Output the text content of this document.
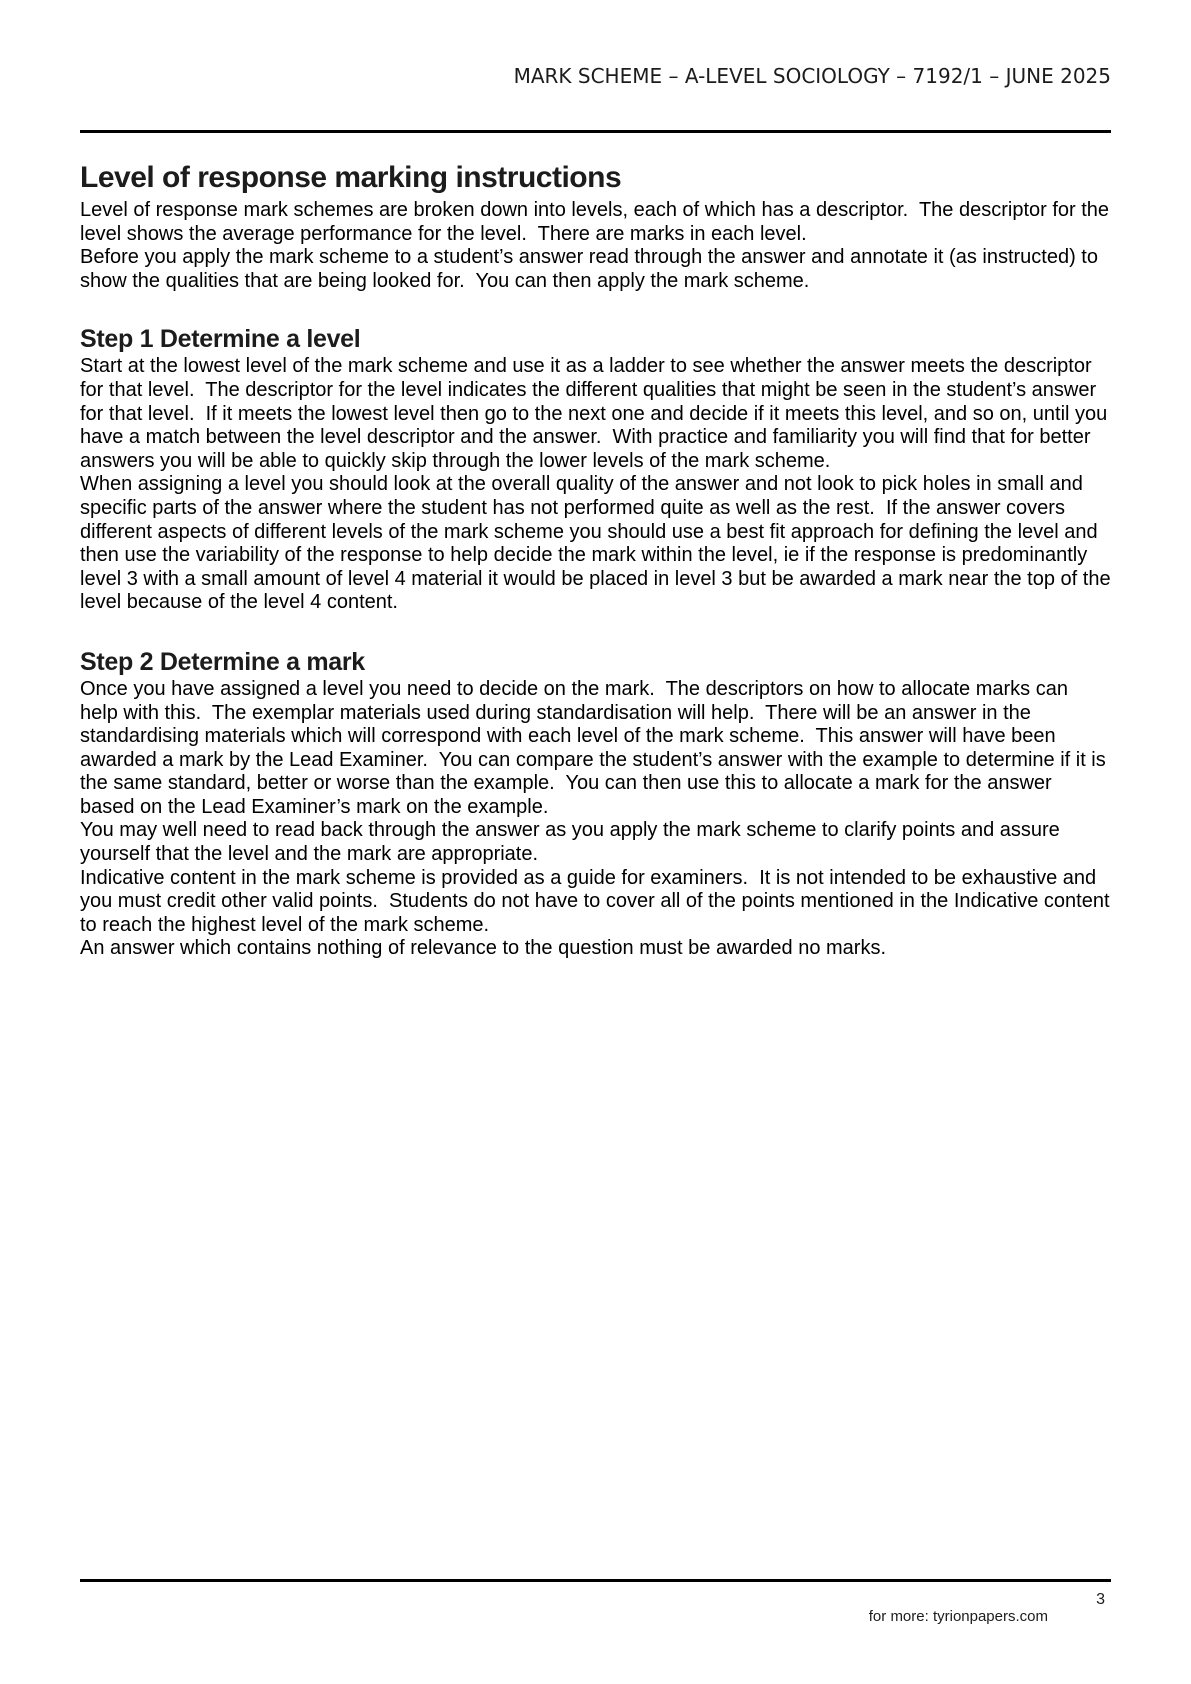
MARK SCHEME – A-LEVEL SOCIOLOGY – 7192/1 – JUNE 2025
Level of response marking instructions

Level of response mark schemes are broken down into levels, each of which has a descriptor.  The descriptor for the level shows the average performance for the level.  There are marks in each level.

Before you apply the mark scheme to a student’s answer read through the answer and annotate it (as instructed) to show the qualities that are being looked for.  You can then apply the mark scheme.

Step 1 Determine a level

Start at the lowest level of the mark scheme and use it as a ladder to see whether the answer meets the descriptor for that level.  The descriptor for the level indicates the different qualities that might be seen in the student’s answer for that level.  If it meets the lowest level then go to the next one and decide if it meets this level, and so on, until you have a match between the level descriptor and the answer.  With practice and familiarity you will find that for better answers you will be able to quickly skip through the lower levels of the mark scheme.

When assigning a level you should look at the overall quality of the answer and not look to pick holes in small and specific parts of the answer where the student has not performed quite as well as the rest.  If the answer covers different aspects of different levels of the mark scheme you should use a best fit approach for defining the level and then use the variability of the response to help decide the mark within the level, ie if the response is predominantly level 3 with a small amount of level 4 material it would be placed in level 3 but be awarded a mark near the top of the level because of the level 4 content.

Step 2 Determine a mark

Once you have assigned a level you need to decide on the mark.  The descriptors on how to allocate marks can help with this.  The exemplar materials used during standardisation will help.  There will be an answer in the standardising materials which will correspond with each level of the mark scheme.  This answer will have been awarded a mark by the Lead Examiner.  You can compare the student’s answer with the example to determine if it is the same standard, better or worse than the example.  You can then use this to allocate a mark for the answer based on the Lead Examiner’s mark on the example.

You may well need to read back through the answer as you apply the mark scheme to clarify points and assure yourself that the level and the mark are appropriate.

Indicative content in the mark scheme is provided as a guide for examiners.  It is not intended to be exhaustive and you must credit other valid points.  Students do not have to cover all of the points mentioned in the Indicative content to reach the highest level of the mark scheme.

An answer which contains nothing of relevance to the question must be awarded no marks.

3
for more: tyrionpapers.com
